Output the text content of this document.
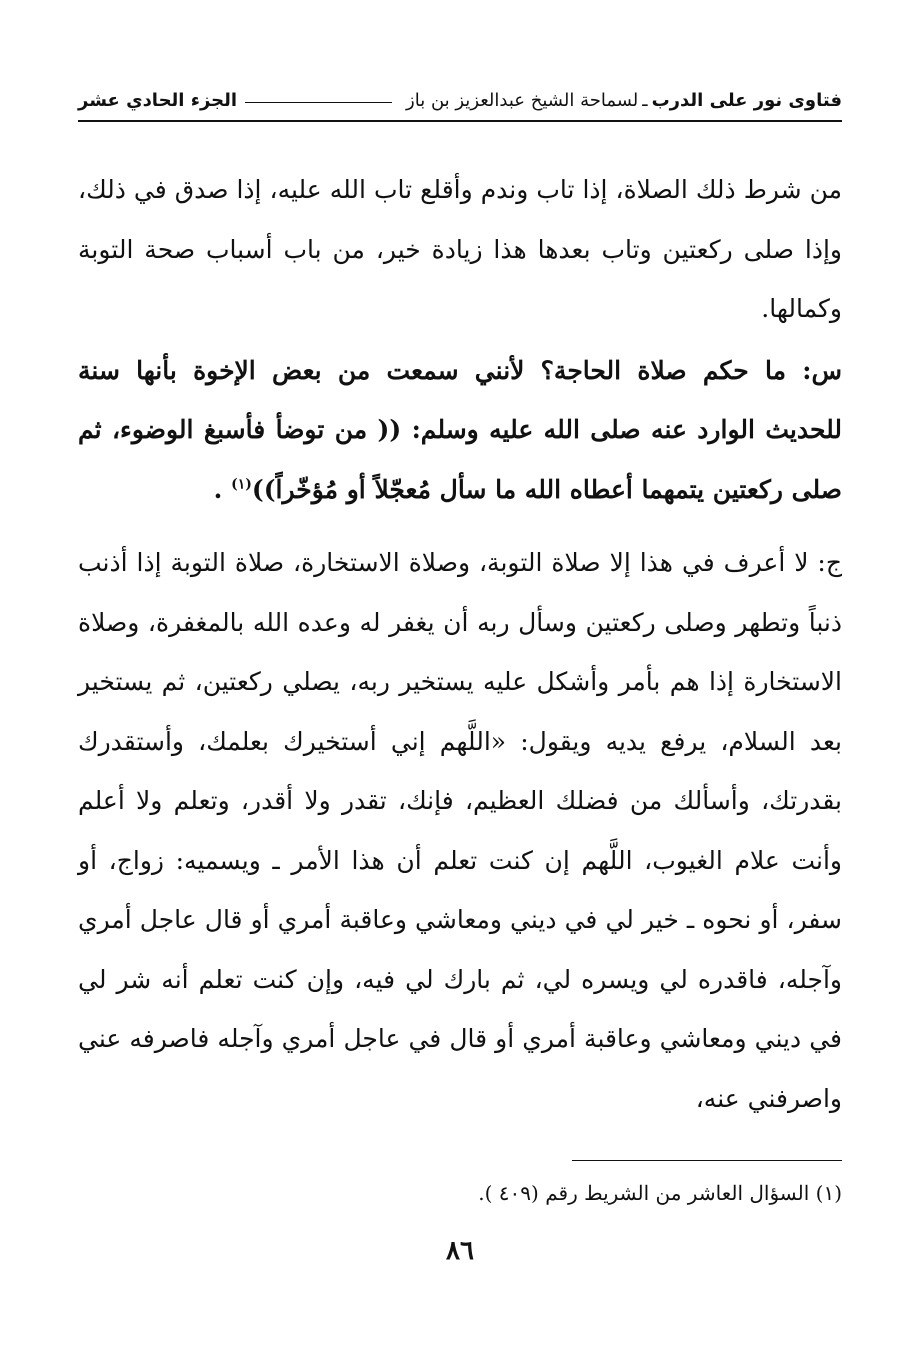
فتاوى نور على الدرب
ـ
لسماحة الشيخ عبدالعزيز بن باز
الجزء الحادي عشر

من شرط ذلك الصلاة، إذا تاب وندم وأقلع تاب الله عليه، إذا صدق في ذلك، وإذا صلى ركعتين وتاب بعدها هذا زيادة خير، من باب أسباب صحة التوبة وكمالها.

س: ما حكم صلاة الحاجة؟ لأنني سمعت من بعض الإخوة بأنها سنة للحديث الوارد عنه صلى الله عليه وسلم: (( من توضأ فأسبغ الوضوء، ثم صلى ركعتين يتمهما أعطاه الله ما سأل مُعجّلاً أو مُؤخّراً))$^{(١)}$ .

ج: لا أعرف في هذا إلا صلاة التوبة، وصلاة الاستخارة، صلاة التوبة إذا أذنب ذنباً وتطهر وصلى ركعتين وسأل ربه أن يغفر له وعده الله بالمغفرة، وصلاة الاستخارة إذا هم بأمر وأشكل عليه يستخير ربه، يصلي ركعتين، ثم يستخير بعد السلام، يرفع يديه ويقول: «اللَّهم إني أستخيرك بعلمك، وأستقدرك بقدرتك، وأسألك من فضلك العظيم، فإنك، تقدر ولا أقدر، وتعلم ولا أعلم وأنت علام الغيوب، اللَّهم إن كنت تعلم أن هذا الأمر ـ ويسميه: زواج، أو سفر، أو نحوه ـ خير لي في ديني ومعاشي وعاقبة أمري أو قال عاجل أمري وآجله، فاقدره لي ويسره لي، ثم بارك لي فيه، وإن كنت تعلم أنه شر لي في ديني ومعاشي وعاقبة أمري أو قال في عاجل أمري وآجله فاصرفه عني واصرفني عنه،

(١) السؤال العاشر من الشريط رقم (٤٠٩ ).
٨٦
